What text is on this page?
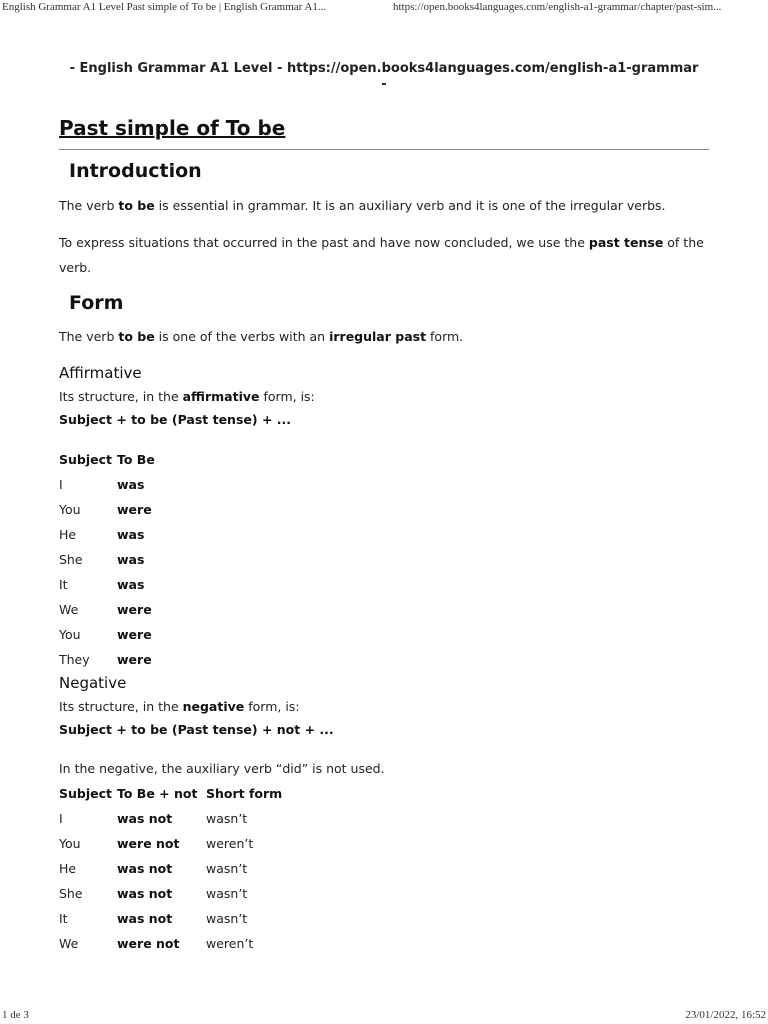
English Grammar A1 Level Past simple of To be | English Grammar A1...	https://open.books4languages.com/english-a1-grammar/chapter/past-sim...
- English Grammar A1 Level - https://open.books4languages.com/english-a1-grammar
-
Past simple of To be
Introduction

The verb to be is essential in grammar. It is an auxiliary verb and it is one of the irregular verbs.

To express situations that occurred in the past and have now concluded, we use the past tense of the verb.

Form

The verb to be is one of the verbs with an irregular past form.

Affirmative

Its structure, in the affirmative form, is:

Subject + to be (Past tense) + ...

Subject	To Be
I	was
You	were
He	was
She	was
It	was
We	were
You	were
They	were
Negative

Its structure, in the negative form, is:

Subject + to be (Past tense) + not + ...

In the negative, the auxiliary verb “did” is not used.

Subject	To Be + not	Short form
I	was not	wasn’t
You	were not	weren’t
He	was not	wasn’t
She	was not	wasn’t
It	was not	wasn’t
We	were not	weren’t
1 de 3	23/01/2022, 16:52
